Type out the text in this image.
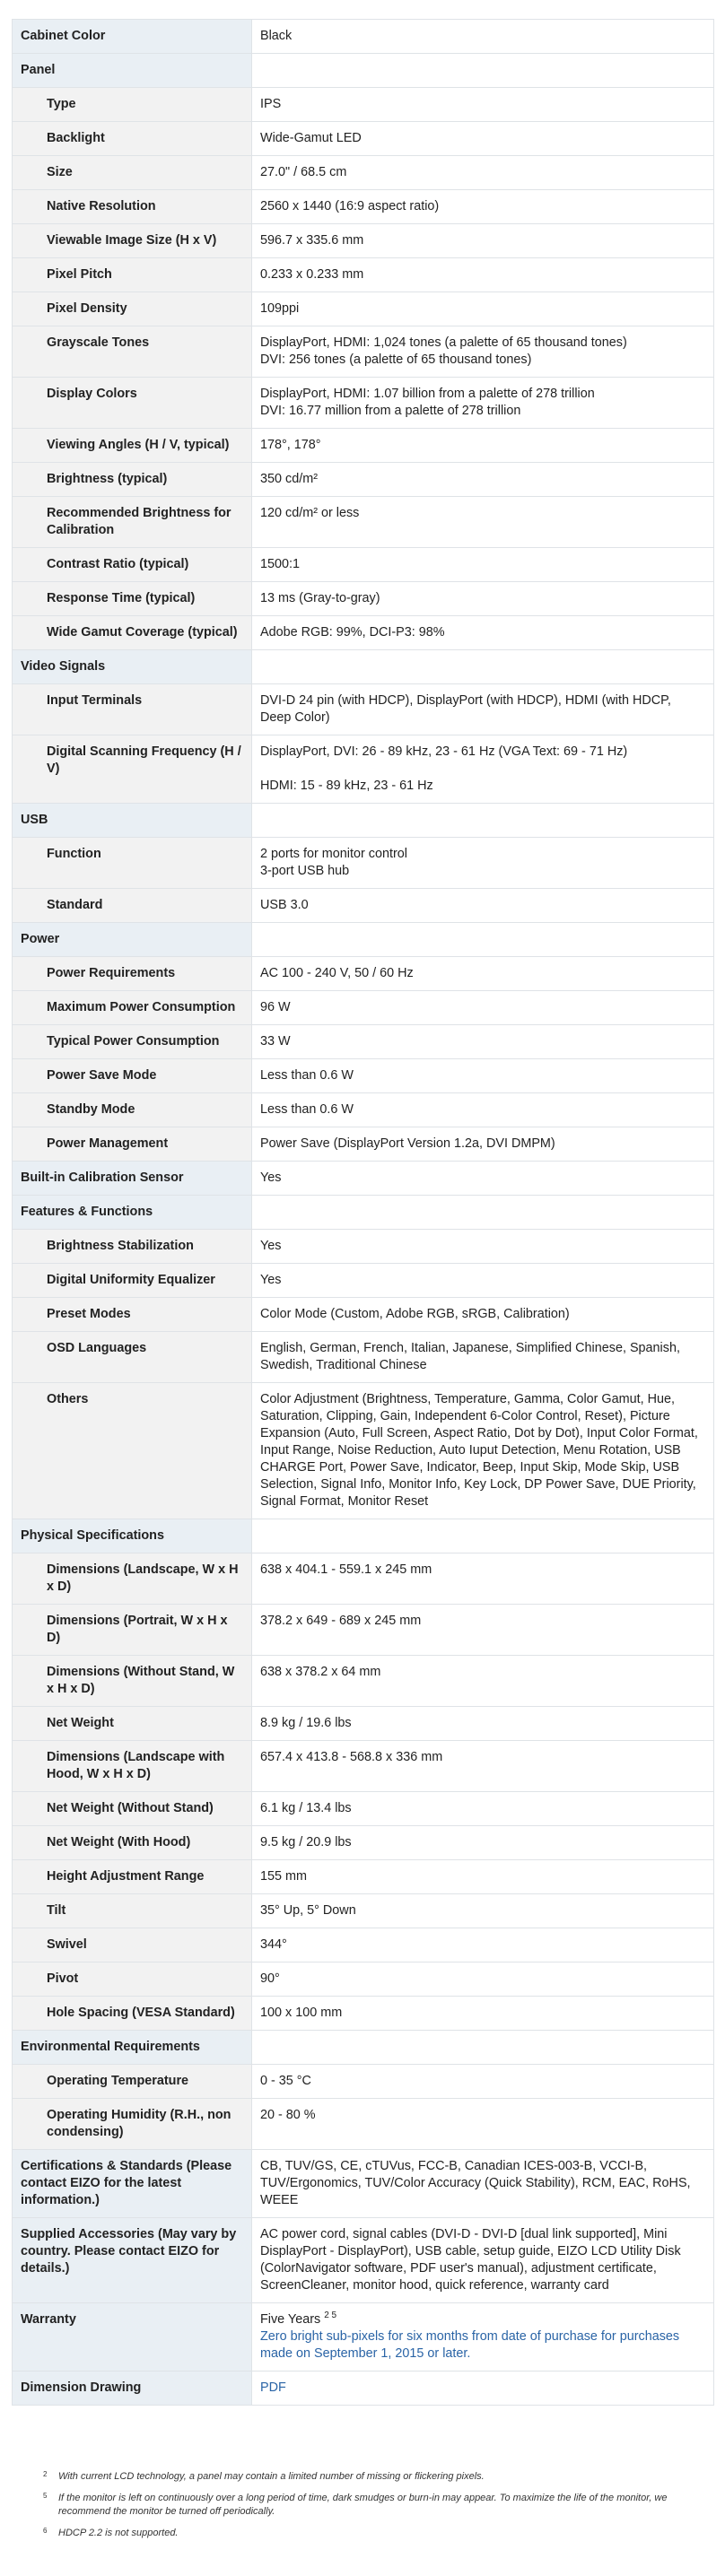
Cabinet Color	Black

Panel	
Type	IPS

Backlight	Wide-Gamut LED

Size	27.0" / 68.5 cm

Native Resolution	2560 x 1440 (16:9 aspect ratio)

Viewable Image Size (H x V)	596.7 x 335.6 mm

Pixel Pitch	0.233 x 0.233 mm

Pixel Density	109ppi

Grayscale Tones	DisplayPort, HDMI: 1,024 tones (a palette of 65 thousand tones)
DVI: 256 tones (a palette of 65 thousand tones)

Display Colors	DisplayPort, HDMI: 1.07 billion from a palette of 278 trillion
DVI: 16.77 million from a palette of 278 trillion

Viewing Angles (H / V, typical)	178°, 178°

Brightness (typical)	350 cd/m²

Recommended Brightness for Calibration	120 cd/m² or less

Contrast Ratio (typical)	1500:1

Response Time (typical)	13 ms (Gray-to-gray)

Wide Gamut Coverage (typical)	Adobe RGB: 99%, DCI-P3: 98%

Video Signals	
Input Terminals	DVI-D 24 pin (with HDCP), DisplayPort (with HDCP), HDMI (with HDCP, Deep Color)

Digital Scanning Frequency (H / V)	DisplayPort, DVI: 26 - 89 kHz, 23 - 61 Hz (VGA Text: 69 - 71 Hz)
HDMI: 15 - 89 kHz, 23 - 61 Hz

USB	
Function	2 ports for monitor control
3-port USB hub

Standard	USB 3.0

Power	
Power Requirements	AC 100 - 240 V, 50 / 60 Hz

Maximum Power Consumption	96 W

Typical Power Consumption	33 W

Power Save Mode	Less than 0.6 W

Standby Mode	Less than 0.6 W

Power Management	Power Save (DisplayPort Version 1.2a, DVI DMPM)

Built-in Calibration Sensor	Yes

Features & Functions	
Brightness Stabilization	Yes

Digital Uniformity Equalizer	Yes

Preset Modes	Color Mode (Custom, Adobe RGB, sRGB, Calibration)

OSD Languages	English, German, French, Italian, Japanese, Simplified Chinese, Spanish, Swedish, Traditional Chinese

Others	Color Adjustment (Brightness, Temperature, Gamma, Color Gamut, Hue, Saturation, Clipping, Gain, Independent 6-Color Control, Reset), Picture Expansion (Auto, Full Screen, Aspect Ratio, Dot by Dot), Input Color Format, Input Range, Noise Reduction, Auto Iuput Detection, Menu Rotation, USB CHARGE Port, Power Save, Indicator, Beep, Input Skip, Mode Skip, USB Selection, Signal Info, Monitor Info, Key Lock, DP Power Save, DUE Priority, Signal Format, Monitor Reset

Physical Specifications	
Dimensions (Landscape, W x H x D)	638 x 404.1 - 559.1 x 245 mm

Dimensions (Portrait, W x H x D)	378.2 x 649 - 689 x 245 mm

Dimensions (Without Stand, W x H x D)	638 x 378.2 x 64 mm

Net Weight	8.9 kg / 19.6 lbs

Dimensions (Landscape with Hood, W x H x D)	657.4 x 413.8 - 568.8 x 336 mm

Net Weight (Without Stand)	6.1 kg / 13.4 lbs

Net Weight (With Hood)	9.5 kg / 20.9 lbs

Height Adjustment Range	155 mm

Tilt	35° Up, 5° Down

Swivel	344°

Pivot	90°

Hole Spacing (VESA Standard)	100 x 100 mm

Environmental Requirements	
Operating Temperature	0 - 35 °C

Operating Humidity (R.H., non condensing)	20 - 80 %

Certifications & Standards (Please contact EIZO for the latest information.)	CB, TUV/GS, CE, cTUVus, FCC-B, Canadian ICES-003-B, VCCI-B, TUV/Ergonomics, TUV/Color Accuracy (Quick Stability), RCM, EAC, RoHS, WEEE

Supplied Accessories (May vary by country. Please contact EIZO for details.)	AC power cord, signal cables (DVI-D - DVI-D [dual link supported], Mini DisplayPort - DisplayPort), USB cable, setup guide, EIZO LCD Utility Disk (ColorNavigator software, PDF user's manual), adjustment certificate, ScreenCleaner, monitor hood, quick reference, warranty card

Warranty	Five Years $^{2 5}$
Zero bright sub-pixels for six months from date of purchase for purchases made on September 1, 2015 or later.
Dimension Drawing	PDF
2	With current LCD technology, a panel may contain a limited number of missing or flickering pixels.
5	If the monitor is left on continuously over a long period of time, dark smudges or burn-in may appear. To maximize the life of the monitor, we recommend the monitor be turned off periodically.
6	HDCP 2.2 is not supported.
